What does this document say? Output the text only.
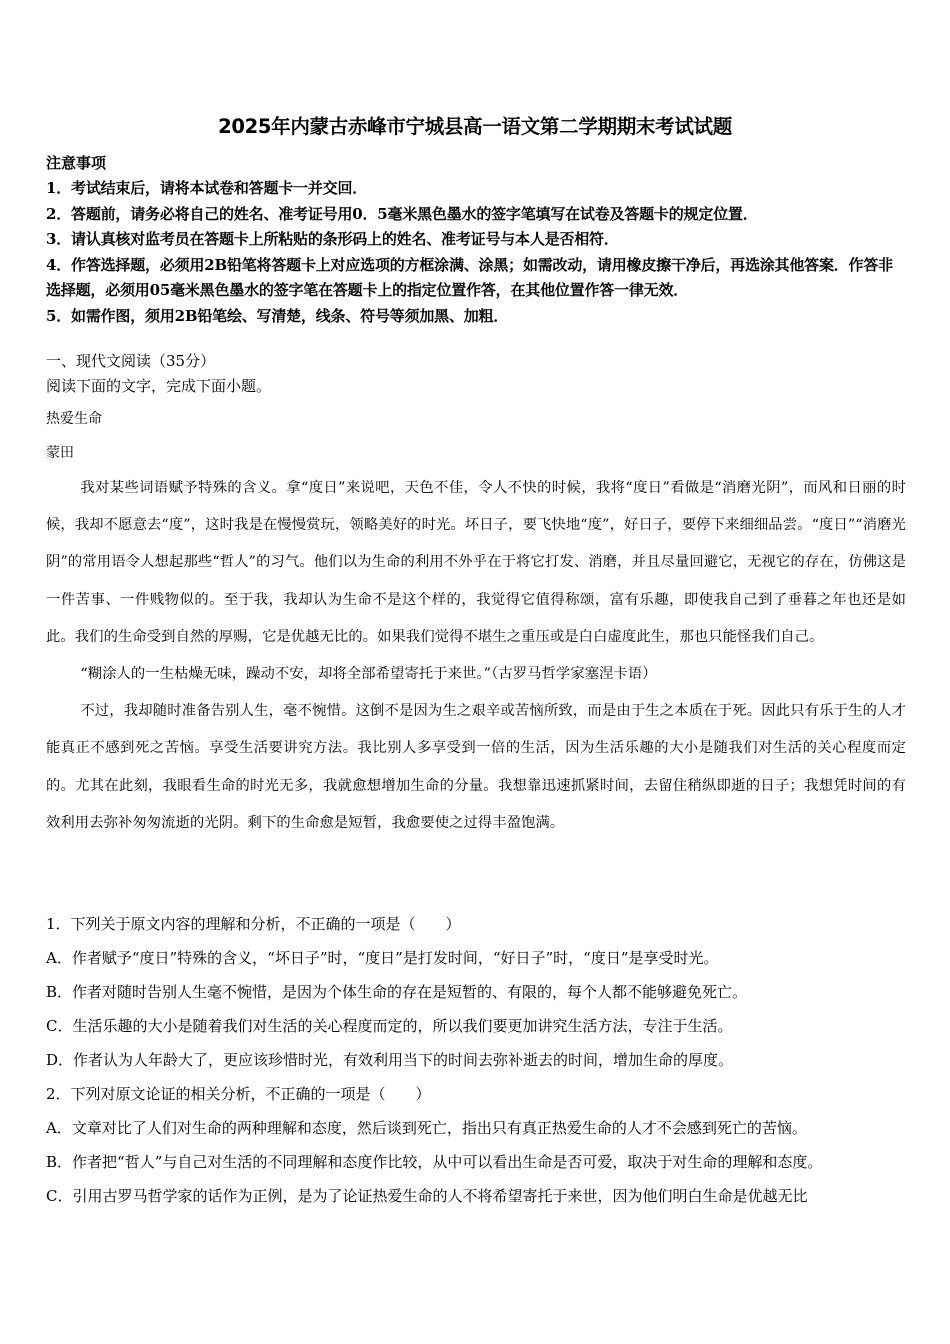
2025年内蒙古赤峰市宁城县高一语文第二学期期末考试试题
注意事项

1．考试结束后，请将本试卷和答题卡一并交回．

2．答题前，请务必将自己的姓名、准考证号用0．5毫米黑色墨水的签字笔填写在试卷及答题卡的规定位置．

3．请认真核对监考员在答题卡上所粘贴的条形码上的姓名、准考证号与本人是否相符．

4．作答选择题，必须用2B铅笔将答题卡上对应选项的方框涂满、涂黑；如需改动，请用橡皮擦干净后，再选涂其他答案．作答非选择题，必须用05毫米黑色墨水的签字笔在答题卡上的指定位置作答，在其他位置作答一律无效．

5．如需作图，须用2B铅笔绘、写清楚，线条、符号等须加黑、加粗．

一、现代文阅读（35分）
阅读下面的文字，完成下面小题。
热爱生命
蒙田

我对某些词语赋予特殊的含义。拿“度日”来说吧，天色不佳，令人不快的时候，我将“度日”看做是“消磨光阴”，而风和日丽的时候，我却不愿意去“度”，这时我是在慢慢赏玩，领略美好的时光。坏日子，要飞快地“度”，好日子，要停下来细细品尝。“度日”“消磨光阴”的常用语令人想起那些“哲人”的习气。他们以为生命的利用不外乎在于将它打发、消磨，并且尽量回避它，无视它的存在，仿佛这是一件苦事、一件贱物似的。至于我，我却认为生命不是这个样的，我觉得它值得称颂，富有乐趣，即使我自己到了垂暮之年也还是如此。我们的生命受到自然的厚赐，它是优越无比的。如果我们觉得不堪生之重压或是白白虚度此生，那也只能怪我们自己。

“糊涂人的一生枯燥无味，躁动不安，却将全部希望寄托于来世。”（古罗马哲学家塞涅卡语）

不过，我却随时准备告别人生，毫不惋惜。这倒不是因为生之艰辛或苦恼所致，而是由于生之本质在于死。因此只有乐于生的人才能真正不感到死之苦恼。享受生活要讲究方法。我比别人多享受到一倍的生活，因为生活乐趣的大小是随我们对生活的关心程度而定的。尤其在此刻，我眼看生命的时光无多，我就愈想增加生命的分量。我想靠迅速抓紧时间，去留住稍纵即逝的日子；我想凭时间的有效利用去弥补匆匆流逝的光阴。剩下的生命愈是短暂，我愈要使之过得丰盈饱满。

1．下列关于原文内容的理解和分析，不正确的一项是（　　）

A．作者赋予“度日”特殊的含义，“坏日子”时，“度日”是打发时间，“好日子”时，“度日”是享受时光。

B．作者对随时告别人生毫不惋惜，是因为个体生命的存在是短暂的、有限的，每个人都不能够避免死亡。

C．生活乐趣的大小是随着我们对生活的关心程度而定的，所以我们要更加讲究生活方法，专注于生活。

D．作者认为人年龄大了，更应该珍惜时光，有效利用当下的时间去弥补逝去的时间，增加生命的厚度。

2．下列对原文论证的相关分析，不正确的一项是（　　）

A．文章对比了人们对生命的两种理解和态度，然后谈到死亡，指出只有真正热爱生命的人才不会感到死亡的苦恼。

B．作者把“哲人”与自己对生活的不同理解和态度作比较，从中可以看出生命是否可爱，取决于对生命的理解和态度。

C．引用古罗马哲学家的话作为正例，是为了论证热爱生命的人不将希望寄托于来世，因为他们明白生命是优越无比
